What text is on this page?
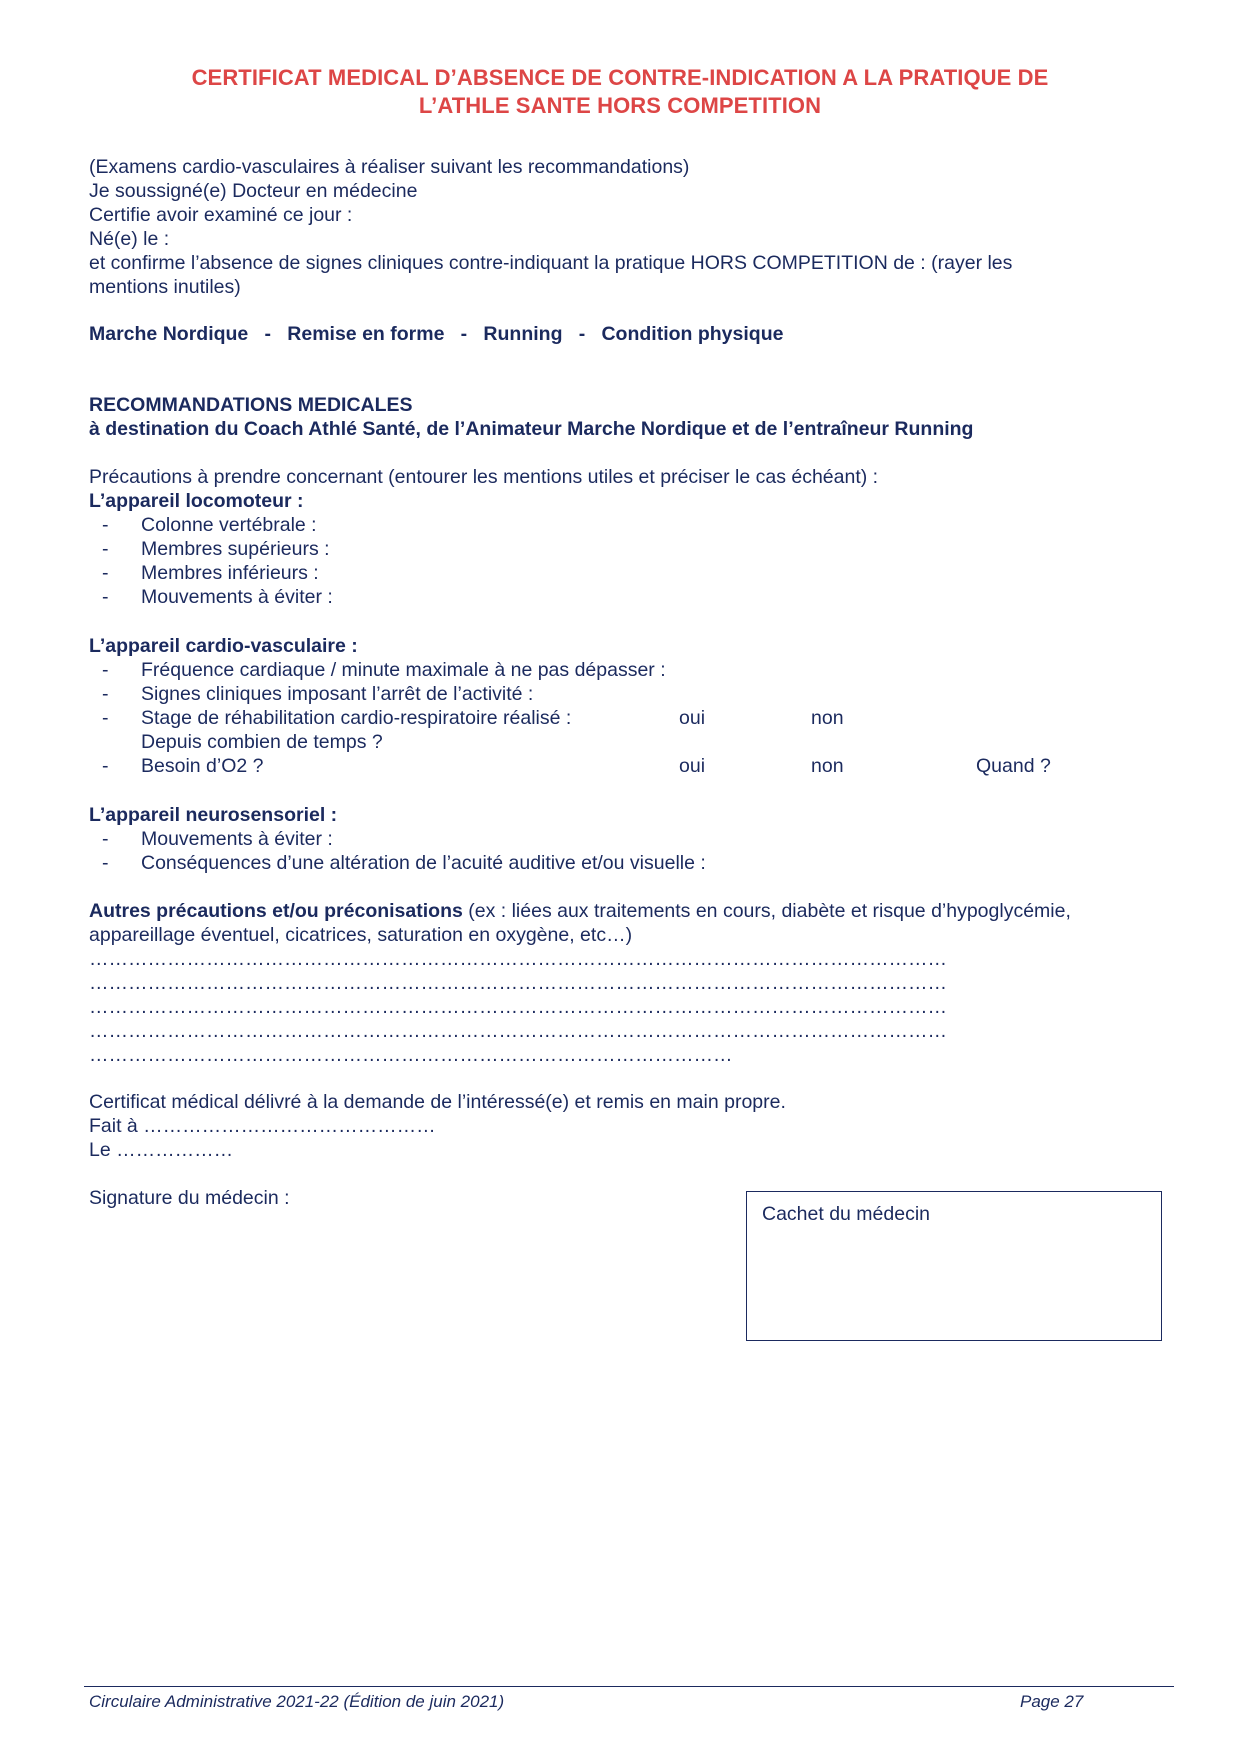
CERTIFICAT MEDICAL D’ABSENCE DE CONTRE-INDICATION A LA PRATIQUE DE
L’ATHLE SANTE HORS COMPETITION
(Examens cardio-vasculaires à réaliser suivant les recommandations)
Je soussigné(e) Docteur en médecine
Certifie avoir examiné ce jour :
Né(e) le :
et confirme l’absence de signes cliniques contre-indiquant la pratique HORS COMPETITION de : (rayer les
mentions inutiles)
Marche Nordique   -   Remise en forme   -   Running   -   Condition physique
RECOMMANDATIONS MEDICALES
à destination du Coach Athlé Santé, de l’Animateur Marche Nordique et de l’entraîneur Running
Précautions à prendre concernant (entourer les mentions utiles et préciser le cas échéant) :
L’appareil locomoteur :
- Colonne vertébrale :
- Membres supérieurs :
- Membres inférieurs :
- Mouvements à éviter :
L’appareil cardio-vasculaire :
- Fréquence cardiaque / minute maximale à ne pas dépasser :
- Signes cliniques imposant l’arrêt de l’activité :
- Stage de réhabilitation cardio-respiratoire réalisé :	oui	non
Depuis combien de temps ?
- Besoin d’O2 ?	oui	non	Quand ?
L’appareil neurosensoriel :
- Mouvements à éviter :
- Conséquences d’une altération de l’acuité auditive et/ou visuelle :
Autres précautions et/ou préconisations (ex : liées aux traitements en cours, diabète et risque d’hypoglycémie,
appareillage éventuel, cicatrices, saturation en oxygène, etc…)
……………………………………………………………………………………………………………………
……………………………………………………………………………………………………………………
……………………………………………………………………………………………………………………
……………………………………………………………………………………………………………………
………………………………………………………………………………………
Certificat médical délivré à la demande de l’intéressé(e) et remis en main propre.
Fait à ………………………………………
Le ………………
Signature du médecin :
Cachet du médecin
Circulaire Administrative 2021-22 (Édition de juin 2021)	Page 27
